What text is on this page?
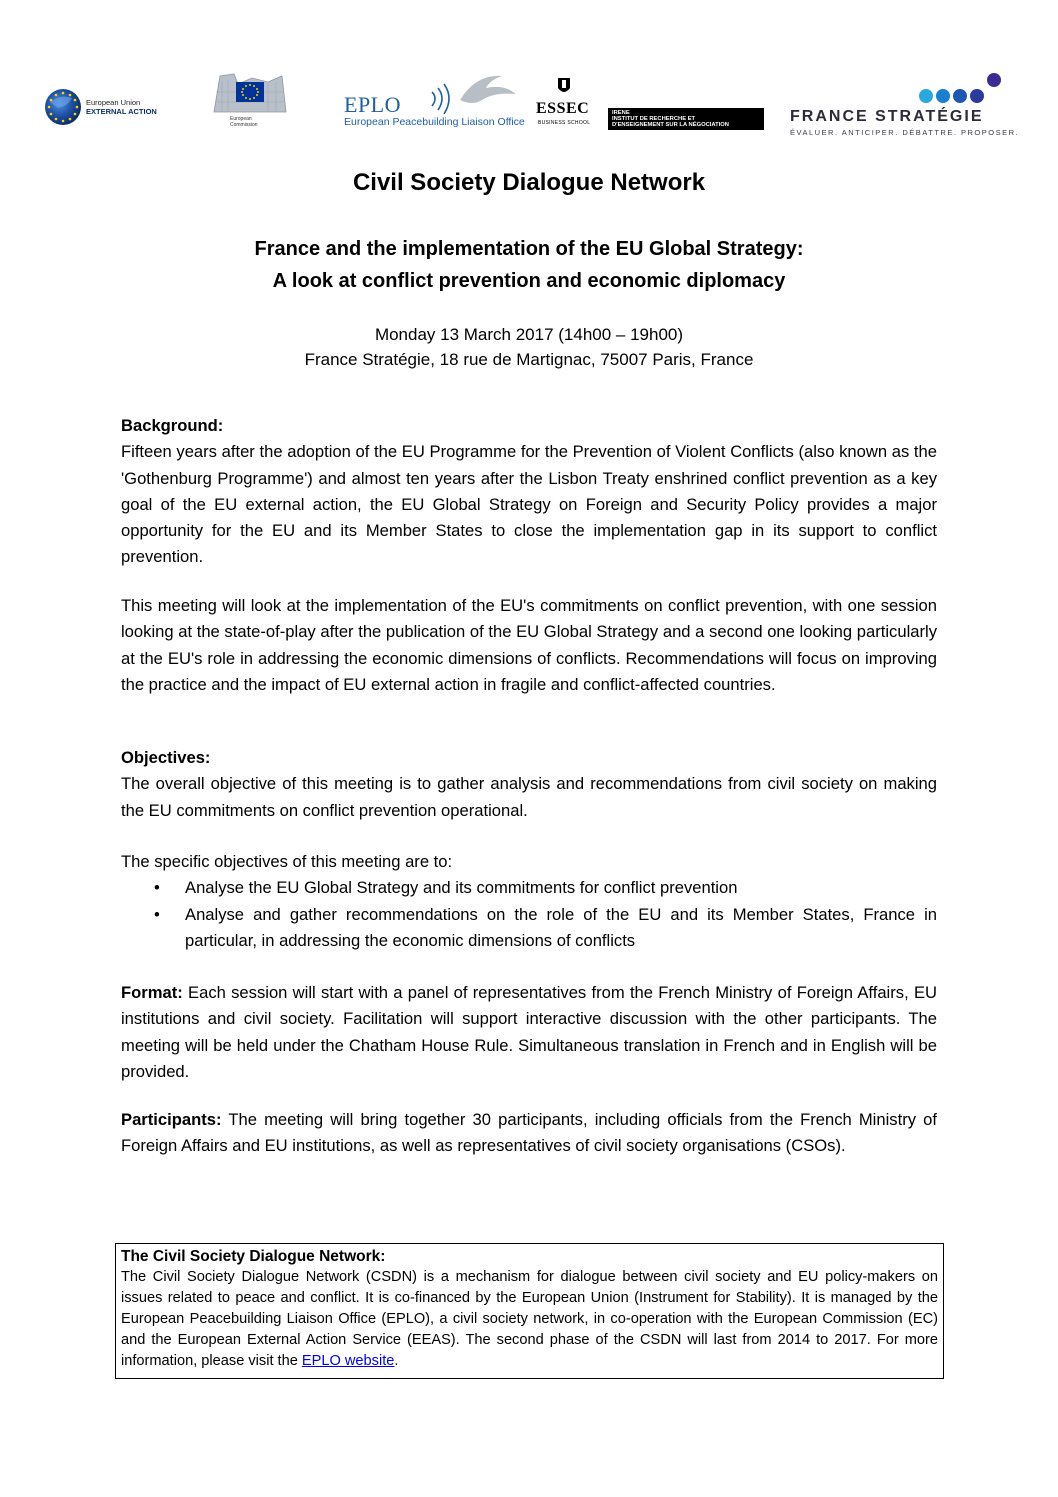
European Union
EXTERNAL ACTION
European
Commission
EPLO
European Peacebuilding Liaison Office
ESSEC
BUSINESS SCHOOL
IRENE
INSTITUT DE RECHERCHE ET
D'ENSEIGNEMENT SUR LA NÉGOCIATION
FRANCE STRATÉGIE
ÉVALUER. ANTICIPER. DÉBATTRE. PROPOSER.
Civil Society Dialogue Network
France and the implementation of the EU Global Strategy:
A look at conflict prevention and economic diplomacy
Monday 13 March 2017 (14h00 – 19h00)
France Stratégie, 18 rue de Martignac, 75007 Paris, France
Background:

Fifteen years after the adoption of the EU Programme for the Prevention of Violent Conflicts (also known as the 'Gothenburg Programme') and almost ten years after the Lisbon Treaty enshrined conflict prevention as a key goal of the EU external action, the EU Global Strategy on Foreign and Security Policy provides a major opportunity for the EU and its Member States to close the implementation gap in its support to conflict prevention.

This meeting will look at the implementation of the EU's commitments on conflict prevention, with one session looking at the state-of-play after the publication of the EU Global Strategy and a second one looking particularly at the EU's role in addressing the economic dimensions of conflicts. Recommendations will focus on improving the practice and the impact of EU external action in fragile and conflict-affected countries.

Objectives:

The overall objective of this meeting is to gather analysis and recommendations from civil society on making the EU commitments on conflict prevention operational.

The specific objectives of this meeting are to:

• Analyse the EU Global Strategy and its commitments for conflict prevention
• Analyse and gather recommendations on the role of the EU and its Member States, France in particular, in addressing the economic dimensions of conflicts

Format: Each session will start with a panel of representatives from the French Ministry of Foreign Affairs, EU institutions and civil society. Facilitation will support interactive discussion with the other participants. The meeting will be held under the Chatham House Rule. Simultaneous translation in French and in English will be provided.

Participants: The meeting will bring together 30 participants, including officials from the French Ministry of Foreign Affairs and EU institutions, as well as representatives of civil society organisations (CSOs).

The Civil Society Dialogue Network:
The Civil Society Dialogue Network (CSDN) is a mechanism for dialogue between civil society and EU policy-makers on issues related to peace and conflict. It is co-financed by the European Union (Instrument for Stability). It is managed by the European Peacebuilding Liaison Office (EPLO), a civil society network, in co-operation with the European Commission (EC) and the European External Action Service (EEAS). The second phase of the CSDN will last from 2014 to 2017. For more information, please visit the EPLO website.
